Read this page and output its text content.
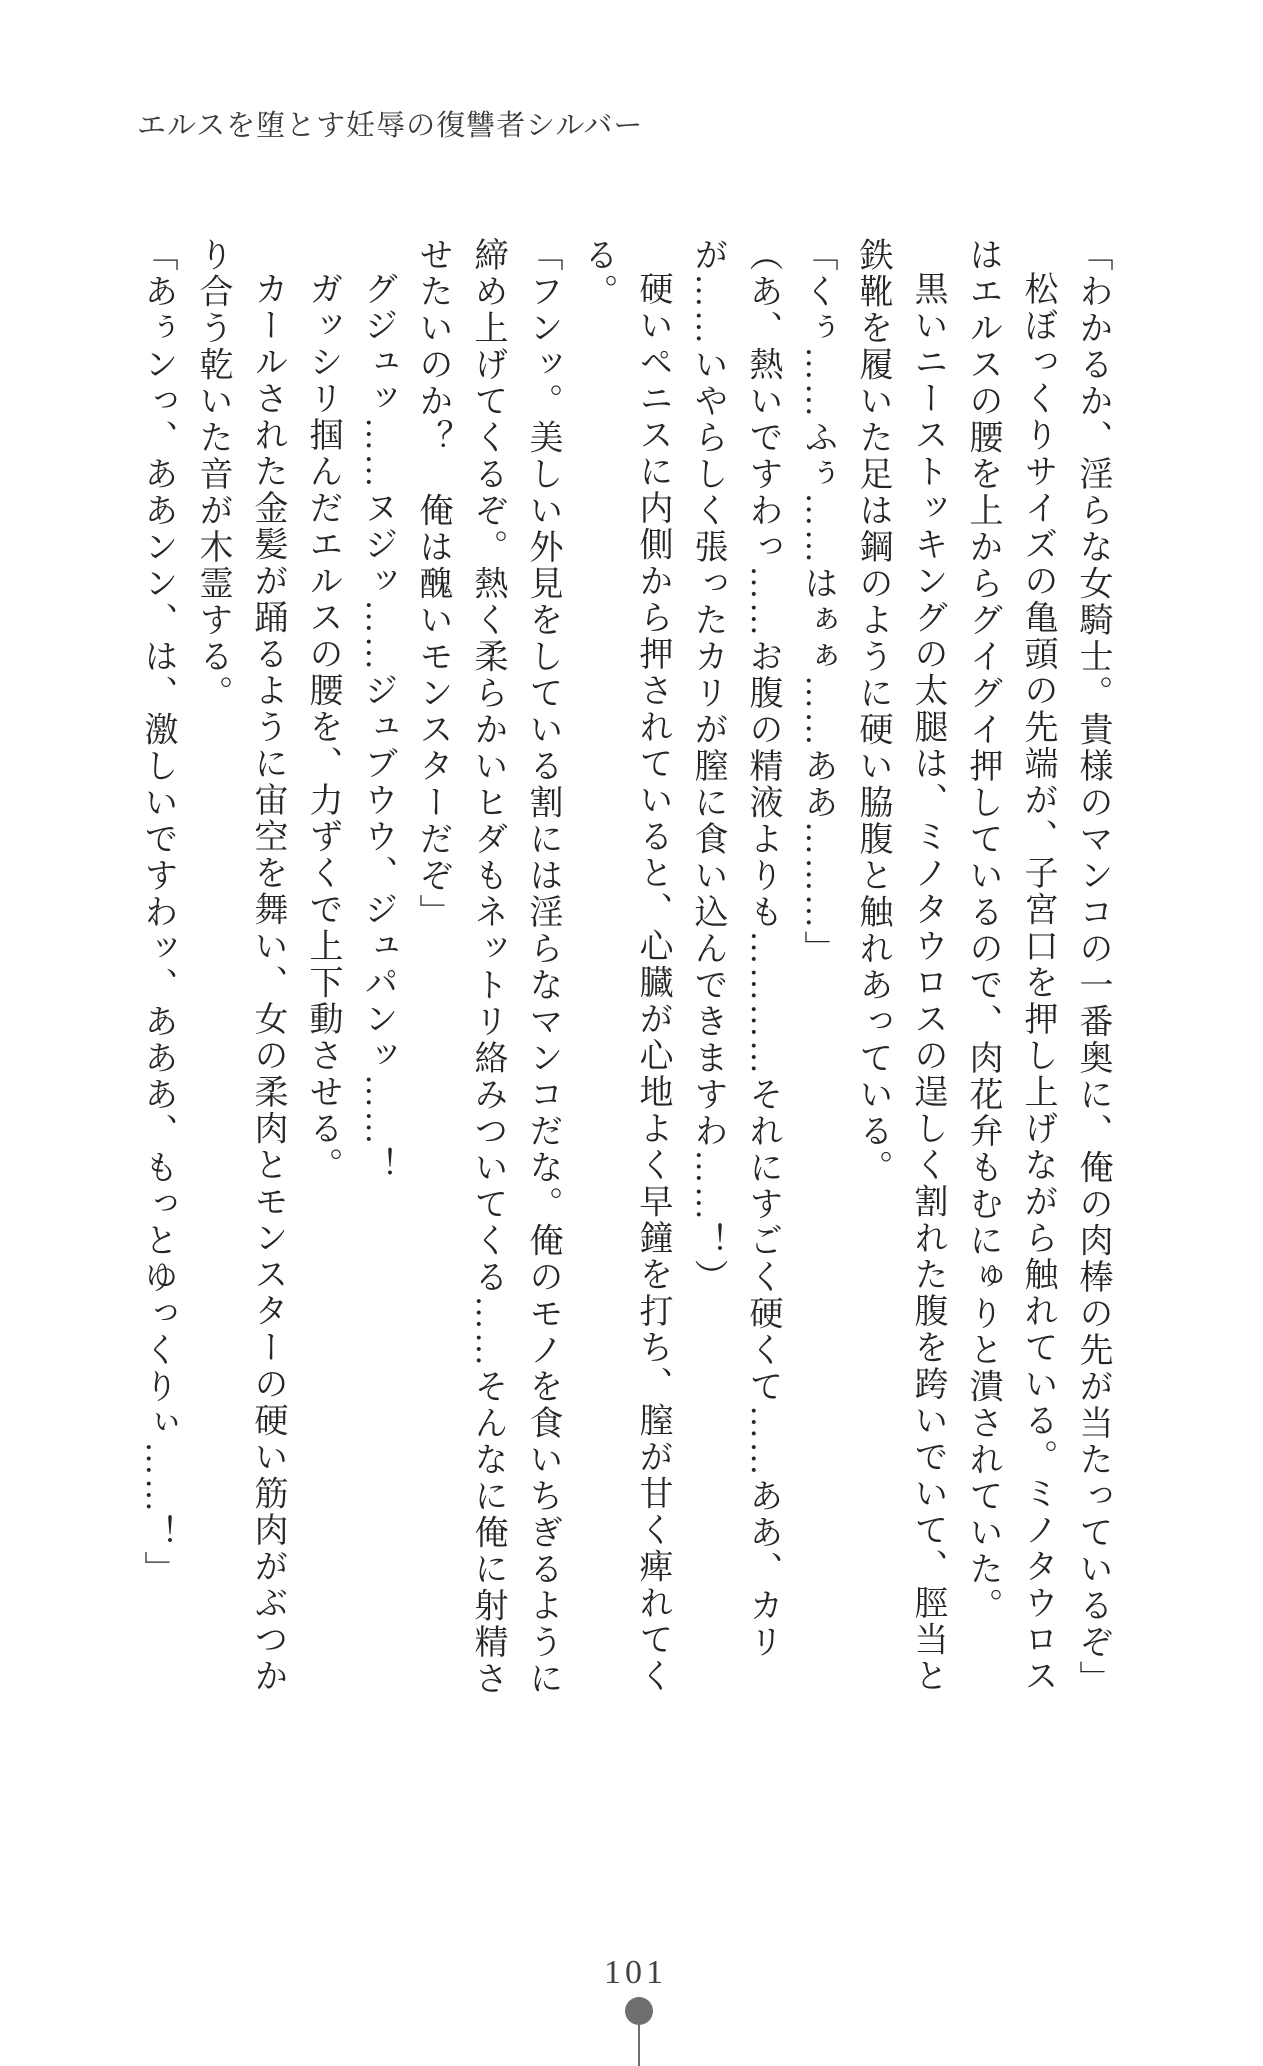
エルスを堕とす妊辱の復讐者シルバー

「わかるか、淫らな女騎士。貴様のマンコの一番奥に、俺の肉棒の先が当たっているぞ」

松ぼっくりサイズの亀頭の先端が、子宮口を押し上げながら触れている。ミノタウロスはエルスの腰を上からグイグイ押しているので、肉花弁もむにゅりと潰されていた。

黒いニーストッキングの太腿は、ミノタウロスの逞しく割れた腹を跨いでいて、脛当と鉄靴を履いた足は鋼のように硬い脇腹と触れあっている。

「くぅ……ふぅ……はぁぁ……ああ………」

（あ、熱いですわっ……お腹の精液よりも…………それにすごく硬くて……ああ、カリが……いやらしく張ったカリが膣に食い込んできますわ……！）

硬いペニスに内側から押されていると、心臓が心地よく早鐘を打ち、膣が甘く痺れてくる。

「フンッ。美しい外見をしている割には淫らなマンコだな。俺のモノを食いちぎるように締め上げてくるぞ。熱く柔らかいヒダもネットリ絡みついてくる……そんなに俺に射精させたいのか？　俺は醜いモンスターだぞ」

グジュッ……ヌジッ……ジュブウウ、ジュパンッ……！

ガッシリ掴んだエルスの腰を、力ずくで上下動させる。

カールされた金髪が踊るように宙空を舞い、女の柔肉とモンスターの硬い筋肉がぶつかり合う乾いた音が木霊する。

「あぅンっ、ああンン、は、激しいですわッ、あああ、もっとゆっくりぃ……！」

101
